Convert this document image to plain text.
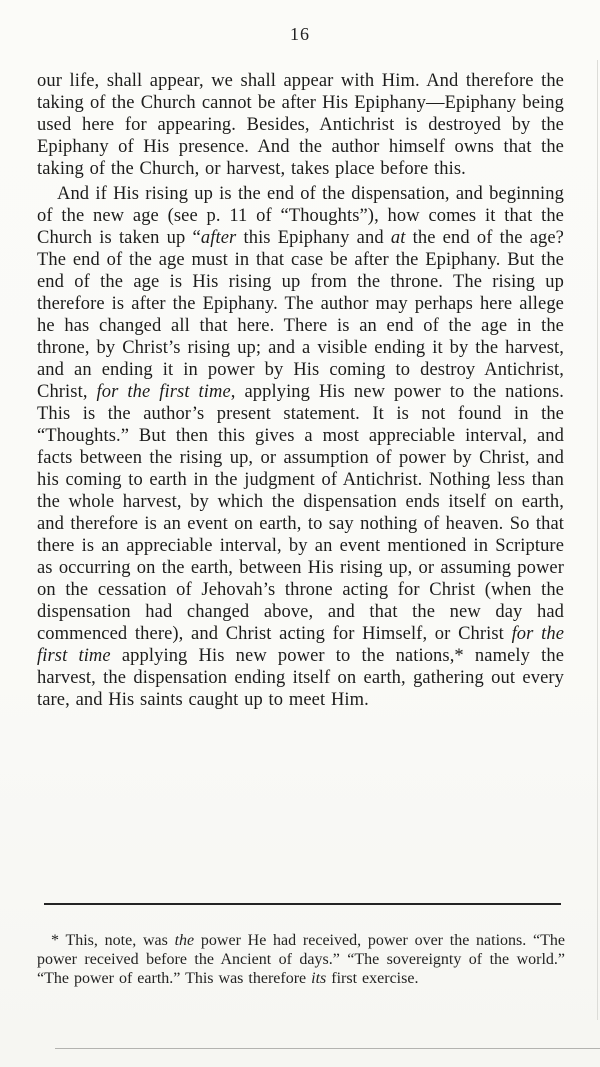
16

our life, shall appear, we shall appear with Him. And therefore the taking of the Church cannot be after His Epiphany—Epiphany being used here for appearing. Besides, Antichrist is destroyed by the Epiphany of His presence. And the author himself owns that the taking of the Church, or harvest, takes place before this.

And if His rising up is the end of the dispensation, and beginning of the new age (see p. 11 of “Thoughts”), how comes it that the Church is taken up “after this Epiphany and at the end of the age? The end of the age must in that case be after the Epiphany. But the end of the age is His rising up from the throne. The rising up therefore is after the Epiphany. The author may perhaps here allege he has changed all that here. There is an end of the age in the throne, by Christ’s rising up; and a visible ending it by the harvest, and an ending it in power by His coming to destroy Antichrist, Christ, for the first time, applying His new power to the nations. This is the author’s present statement. It is not found in the “Thoughts.” But then this gives a most appreciable interval, and facts between the rising up, or assumption of power by Christ, and his coming to earth in the judgment of Antichrist. Nothing less than the whole harvest, by which the dispensation ends itself on earth, and therefore is an event on earth, to say nothing of heaven. So that there is an appreciable interval, by an event mentioned in Scripture as occurring on the earth, between His rising up, or assuming power on the cessation of Jehovah’s throne acting for Christ (when the dispensation had changed above, and that the new day had commenced there), and Christ acting for Himself, or Christ for the first time applying His new power to the nations,* namely the harvest, the dispensation ending itself on earth, gathering out every tare, and His saints caught up to meet Him.

* This, note, was the power He had received, power over the nations. “The power received before the Ancient of days.” “The sovereignty of the world.” “The power of earth.” This was therefore its first exercise.
